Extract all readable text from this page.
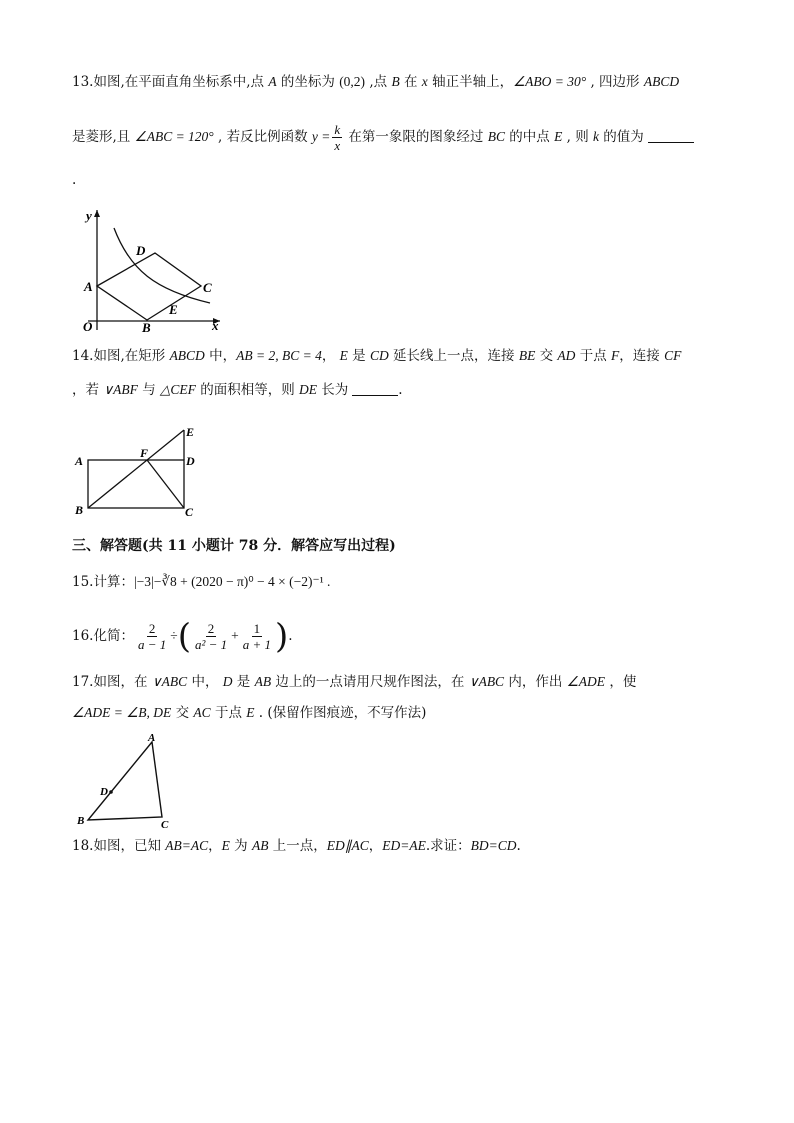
13.如图,在平面直角坐标系中,点 A 的坐标为 (0,2) ,点 B 在 x 轴正半轴上，∠ABO = 30° , 四边形 ABCD
是菱形,且 ∠ABC = 120° , 若反比例函数 $y = \frac{k}{x}$ 在第一象限的图象经过 BC 的中点 E , 则 k 的值为
.
y
x
O
A
B
C
D
E
14.如图,在矩形 ABCD 中，AB = 2, BC = 4， E 是 CD 延长线上一点，连接 BE 交 AD 于点 F，连接 CF
，若 ∨ABF 与 △CEF 的面积相等，则 DE 长为	.
A
B	C
D
E
F
三、解答题(共 11 小题计 78 分．解答应写出过程)
15.计算：|−3|−∛8 + (2020 − π)⁰ − 4 × (−2)⁻¹ .
16.化简： $\frac{2}{a - 1}$ ÷( $\frac{2}{\text{a² − 1}} + \frac{1}{a + 1}$ ).
17.如图，在 ∨ABC 中， D 是 AB 边上的一点请用尺规作图法，在 ∨ABC 内，作出 ∠ADE ，使
∠ADE = ∠B, DE 交 AC 于点 E . (保留作图痕迹，不写作法)
A
B	C
D
18.如图，已知 AB=AC，E 为 AB 上一点，ED∥AC，ED=AE.求证：BD=CD.
